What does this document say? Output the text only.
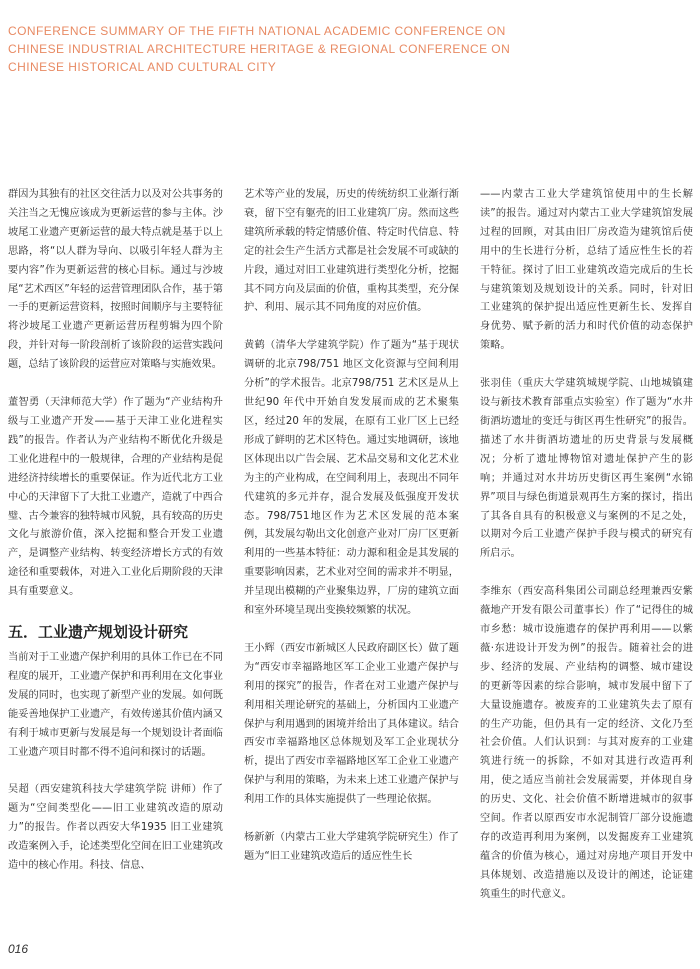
CONFERENCE SUMMARY OF THE FIFTH NATIONAL ACADEMIC CONFERENCE ON
CHINESE INDUSTRIAL ARCHITECTURE HERITAGE & REGIONAL CONFERENCE ON
CHINESE HISTORICAL AND CULTURAL CITY

群因为其独有的社区交往活力以及对公共事务的关注当之无愧应该成为更新运营的参与主体。沙坡尾工业遗产更新运营的最大特点就是基于以上思路，将“以人群为导向、以吸引年轻人群为主要内容”作为更新运营的核心目标。通过与沙坡尾“艺术西区”年轻的运营管理团队合作，基于第一手的更新运营资料，按照时间顺序与主要特征将沙坡尾工业遗产更新运营历程剪辑为四个阶段，并针对每一阶段剖析了该阶段的运营实践问题，总结了该阶段的运营应对策略与实施效果。

董智勇（天津师范大学）作了题为“产业结构升级与工业遗产开发——基于天津工业化进程实践”的报告。作者认为产业结构不断优化升级是工业化进程中的一般规律，合理的产业结构是促进经济持续增长的重要保证。作为近代北方工业中心的天津留下了大批工业遗产，造就了中西合璧、古今兼容的独特城市风貌，具有较高的历史文化与旅游价值，深入挖掘和整合开发工业遗产，是调整产业结构、转变经济增长方式的有效途径和重要载体，对进入工业化后期阶段的天津具有重要意义。

五．工业遗产规划设计研究

当前对于工业遗产保护利用的具体工作已在不同程度的展开，工业遗产保护和再利用在文化事业发展的同时，也实现了新型产业的发展。如何既能妥善地保护工业遗产，有效传递其价值内涵又有利于城市更新与发展是每一个规划设计者面临工业遗产项目时都不得不追问和探讨的话题。

吴超（西安建筑科技大学建筑学院 讲师）作了题为“空间类型化——旧工业建筑改造的原动力”的报告。作者以西安大华1935 旧工业建筑改造案例入手，论述类型化空间在旧工业建筑改造中的核心作用。科技、信息、

艺术等产业的发展，历史的传统纺织工业渐行渐衰，留下空有躯壳的旧工业建筑厂房。然而这些建筑所承载的特定情感价值、特定时代信息、特定的社会生产生活方式都是社会发展不可或缺的片段，通过对旧工业建筑进行类型化分析，挖掘其不同方向及层面的价值，重构其类型，充分保护、利用、展示其不同角度的对应价值。

黄鹤（清华大学建筑学院）作了题为“基于现状调研的北京798/751 地区文化资源与空间利用分析”的学术报告。北京798/751 艺术区是从上世纪90 年代中开始自发发展而成的艺术聚集区，经过20 年的发展，在原有工业厂区上已经形成了鲜明的艺术区特色。通过实地调研，该地区体现出以广告会展、艺术品交易和文化艺术业为主的产业构成，在空间利用上，表现出不同年代建筑的多元并存，混合发展及低强度开发状态。798/751地区作为艺术区发展的范本案例，其发展勾勒出文化创意产业对厂房厂区更新利用的一些基本特征：动力源和租金是其发展的重要影响因素，艺术业对空间的需求并不明显，并呈现出模糊的产业聚集边界，厂房的建筑立面和室外环境呈现出变换较频繁的状况。

王小辉（西安市新城区人民政府副区长）做了题为“西安市幸福路地区军工企业工业遗产保护与利用的探究”的报告，作者在对工业遗产保护与利用相关理论研究的基础上，分析国内工业遗产保护与利用遇到的困境并给出了具体建议。结合西安市幸福路地区总体规划及军工企业现状分析，提出了西安市幸福路地区军工企业工业遗产保护与利用的策略，为未来上述工业遗产保护与利用工作的具体实施提供了一些理论依据。

杨新新（内蒙古工业大学建筑学院研究生）作了题为“旧工业建筑改造后的适应性生长

——内蒙古工业大学建筑馆使用中的生长解读”的报告。通过对内蒙古工业大学建筑馆发展过程的回顾，对其由旧厂房改造为建筑馆后使用中的生长进行分析，总结了适应性生长的若干特征。探讨了旧工业建筑改造完成后的生长与建筑策划及规划设计的关系。同时，针对旧工业建筑的保护提出适应性更新生长、发挥自身优势、赋予新的活力和时代价值的动态保护策略。

张羽佳（重庆大学建筑城规学院、山地城镇建设与新技术教育部重点实验室）作了题为“水井街酒坊遗址的变迁与街区再生性研究”的报告。描述了水井街酒坊遗址的历史背景与发展概况；分析了遗址博物馆对遗址保护产生的影响；并通过对水井坊历史街区再生案例“水锦界”项目与绿色街道景观再生方案的探讨，指出了其各自具有的积极意义与案例的不足之处，以期对今后工业遗产保护手段与模式的研究有所启示。

李维东（西安高科集团公司副总经理兼西安紫薇地产开发有限公司董事长）作了“记得住的城市乡愁：城市设施遗存的保护再利用——以紫薇·东进设计开发为例”的报告。随着社会的进步、经济的发展、产业结构的调整、城市建设的更新等因素的综合影响，城市发展中留下了大量设施遗存。被废弃的工业建筑失去了原有的生产功能，但仍具有一定的经济、文化乃至社会价值。人们认识到：与其对废弃的工业建筑进行统一的拆除，不如对其进行改造再利用，使之适应当前社会发展需要，并体现自身的历史、文化、社会价值不断增进城市的叙事空间。作者以原西安市水泥制管厂部分设施遗存的改造再利用为案例，以发掘废弃工业建筑蕴含的价值为核心，通过对房地产项目开发中具体规划、改造措施以及设计的阐述，论证建筑重生的时代意义。

016
